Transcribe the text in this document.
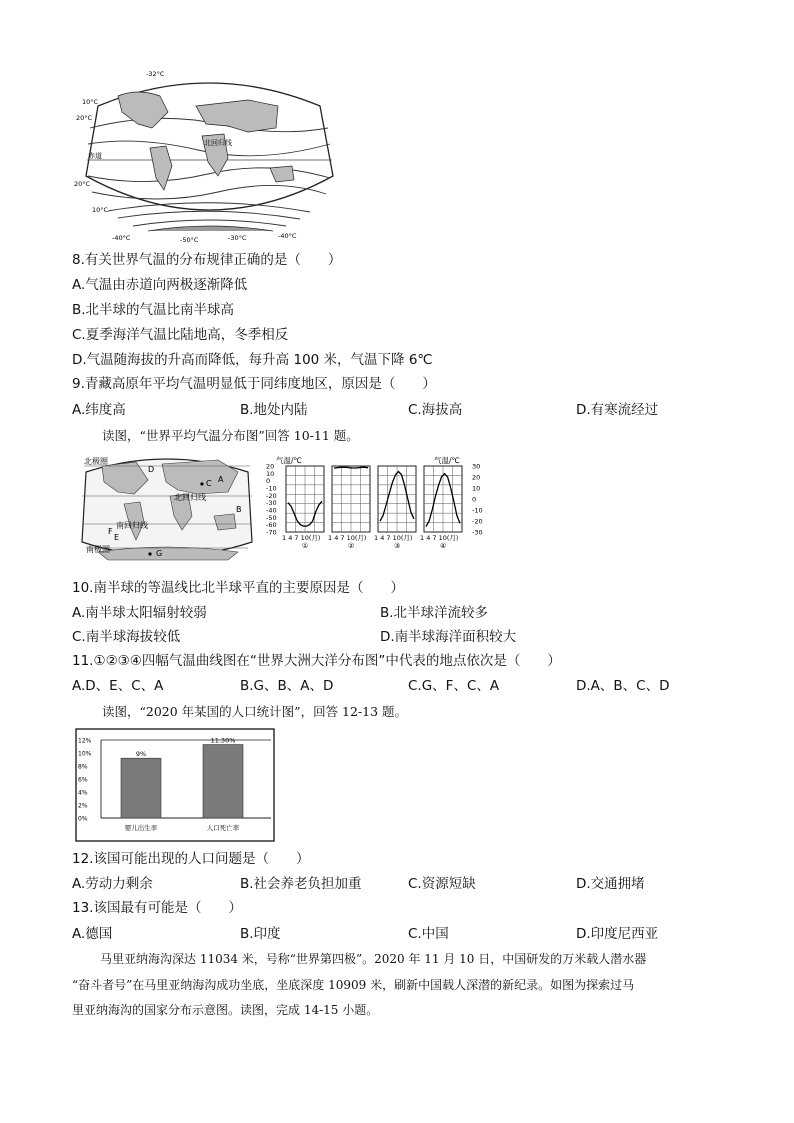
-32°C
10°C
20°C
20°C
10°C
-40°C	-50°C	-30°C	-40°C
赤道
北回归线
8.有关世界气温的分布规律正确的是（　　）
A.气温由赤道向两极逐渐降低
B.北半球的气温比南半球高
C.夏季海洋气温比陆地高，冬季相反
D.气温随海拔的升高而降低，每升高 100 米，气温下降 6℃
9.青藏高原年平均气温明显低于同纬度地区，原因是（　　）
A.纬度高	B.地处内陆	C.海拔高	D.有寒流经过
读图，“世界平均气温分布图”回答 10-11 题。
北极圈
北回归线
南回归线
南极圈
D
C A
B
E
F
G
气温/℃	气温/℃
20
10
0
-10
-20
-30
-40
-50
-60
-70
30
20
10
0
-10
-20
-30
1 4 7 10(月)
①
1 4 7 10(月)
②
1 4 7 10(月)
③
1 4 7 10(月)
④
10.南半球的等温线比北半球平直的主要原因是（　　）
A.南半球太阳辐射较弱	B.北半球洋流较多
C.南半球海拔较低	D.南半球海洋面积较大
11.①②③④四幅气温曲线图在“世界大洲大洋分布图”中代表的地点依次是（　　）
A.D、E、C、A	B.G、B、A、D	C.G、F、C、A	D.A、B、C、D
读图，“2020 年某国的人口统计图”，回答 12-13 题。
12%
10%
8%
6%
4%
2%
0%
9%
婴儿出生率
11.30%
人口死亡率
12.该国可能出现的人口问题是（　　）
A.劳动力剩余	B.社会养老负担加重	C.资源短缺	D.交通拥堵
13.该国最有可能是（　　）
A.德国	B.印度	C.中国	D.印度尼西亚
马里亚纳海沟深达 11034 米，号称“世界第四极”。2020 年 11 月 10 日，中国研发的万米载人潜水器
“奋斗者号”在马里亚纳海沟成功坐底，坐底深度 10909 米，刷新中国载人深潜的新纪录。如图为探索过马
里亚纳海沟的国家分布示意图。读图，完成 14-15 小题。
